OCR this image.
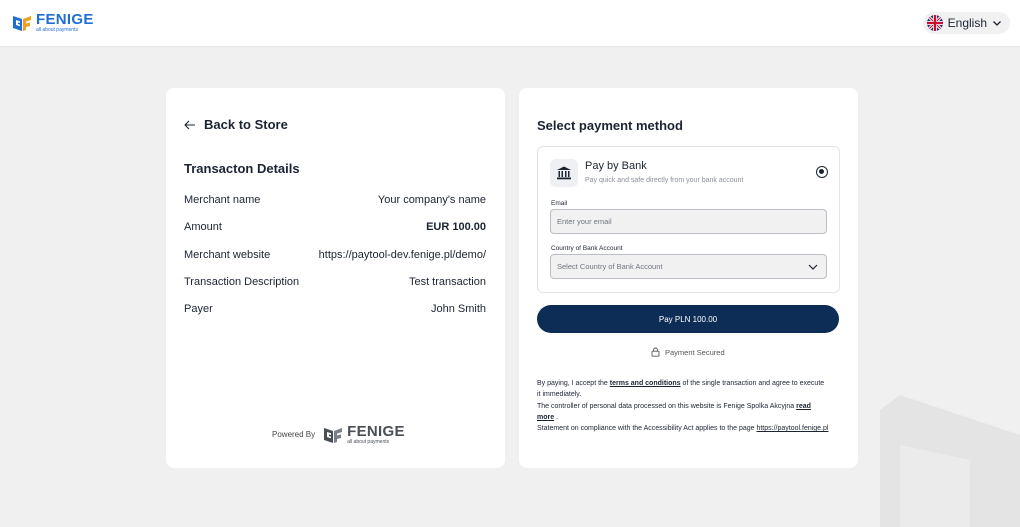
FENIGE
all about payments	English
Back to Store
Transacton Details
Merchant name	Your company's name
Amount	EUR 100.00
Merchant website	https://paytool-dev.fenige.pl/demo/
Transaction Description	Test transaction
Payer	John Smith
Powered By FENIGE
all about payments
Select payment method
Pay by Bank
Pay quick and safe directly from your bank account
Email
Enter your email
Country of Bank Account
Select Country of Bank Account
Pay PLN 100.00
Payment Secured
By paying, I accept the terms and conditions of the single transaction and agree to execute it immediately.
The controller of personal data processed on this website is Fenige Spolka Akcyjna read more .
Statement on compliance with the Accessibility Act applies to the page https://paytool.fenige.pl
